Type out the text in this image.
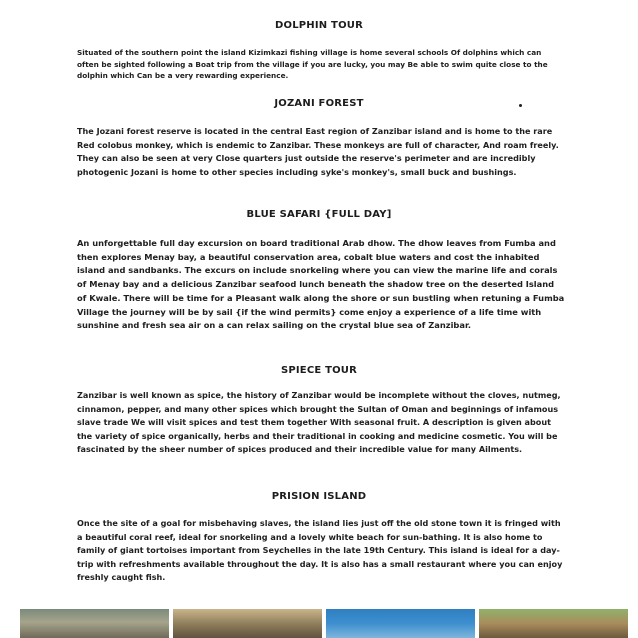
DOLPHIN TOUR

Situated of the southern point the island Kizimkazi fishing village is home several schools Of dolphins which can often be sighted following a Boat trip from the village if you are lucky, you may Be able to swim quite close to the dolphin which Can be a very rewarding experience.

JOZANI FOREST

The Jozani forest reserve is located in the central East region of Zanzibar island and is home to the rare Red colobus monkey, which is endemic to Zanzibar. These monkeys are full of character, And roam freely. They can also be seen at very Close quarters just outside the reserve's perimeter and are incredibly photogenic Jozani is home to other species including syke's monkey's, small buck and bushings.

BLUE SAFARI {FULL DAY]

An unforgettable full day excursion on board traditional Arab dhow. The dhow leaves from Fumba and then explores Menay bay, a beautiful conservation area, cobalt blue waters and cost the inhabited island and sandbanks. The excurs on include snorkeling where you can view the marine life and corals of Menay bay and a delicious Zanzibar seafood lunch beneath the shadow tree on the deserted Island of Kwale. There will be time for a Pleasant walk along the shore or sun bustling when retuning a Fumba Village the journey will be by sail {if the wind permits} come enjoy a experience of a life time with sunshine and fresh sea air on a can relax sailing on the crystal blue sea of Zanzibar.

SPIECE TOUR

Zanzibar is well known as spice, the history of Zanzibar would be incomplete without the cloves, nutmeg, cinnamon, pepper, and many other spices which brought the Sultan of Oman and beginnings of infamous slave trade We will visit spices and test them together With seasonal fruit. A description is given about the variety of spice organically, herbs and their traditional in cooking and medicine cosmetic. You will be fascinated by the sheer number of spices produced and their incredible value for many Ailments.

PRISION ISLAND

Once the site of a goal for misbehaving slaves, the island lies just off the old stone town it is fringed with a beautiful coral reef, ideal for snorkeling and a lovely white beach for sun-bathing. It is also home to family of giant tortoises important from Seychelles in the late 19th Century. This island is ideal for a day-trip with refreshments available throughout the day. It is also has a small restaurant where you can enjoy freshly caught fish.
